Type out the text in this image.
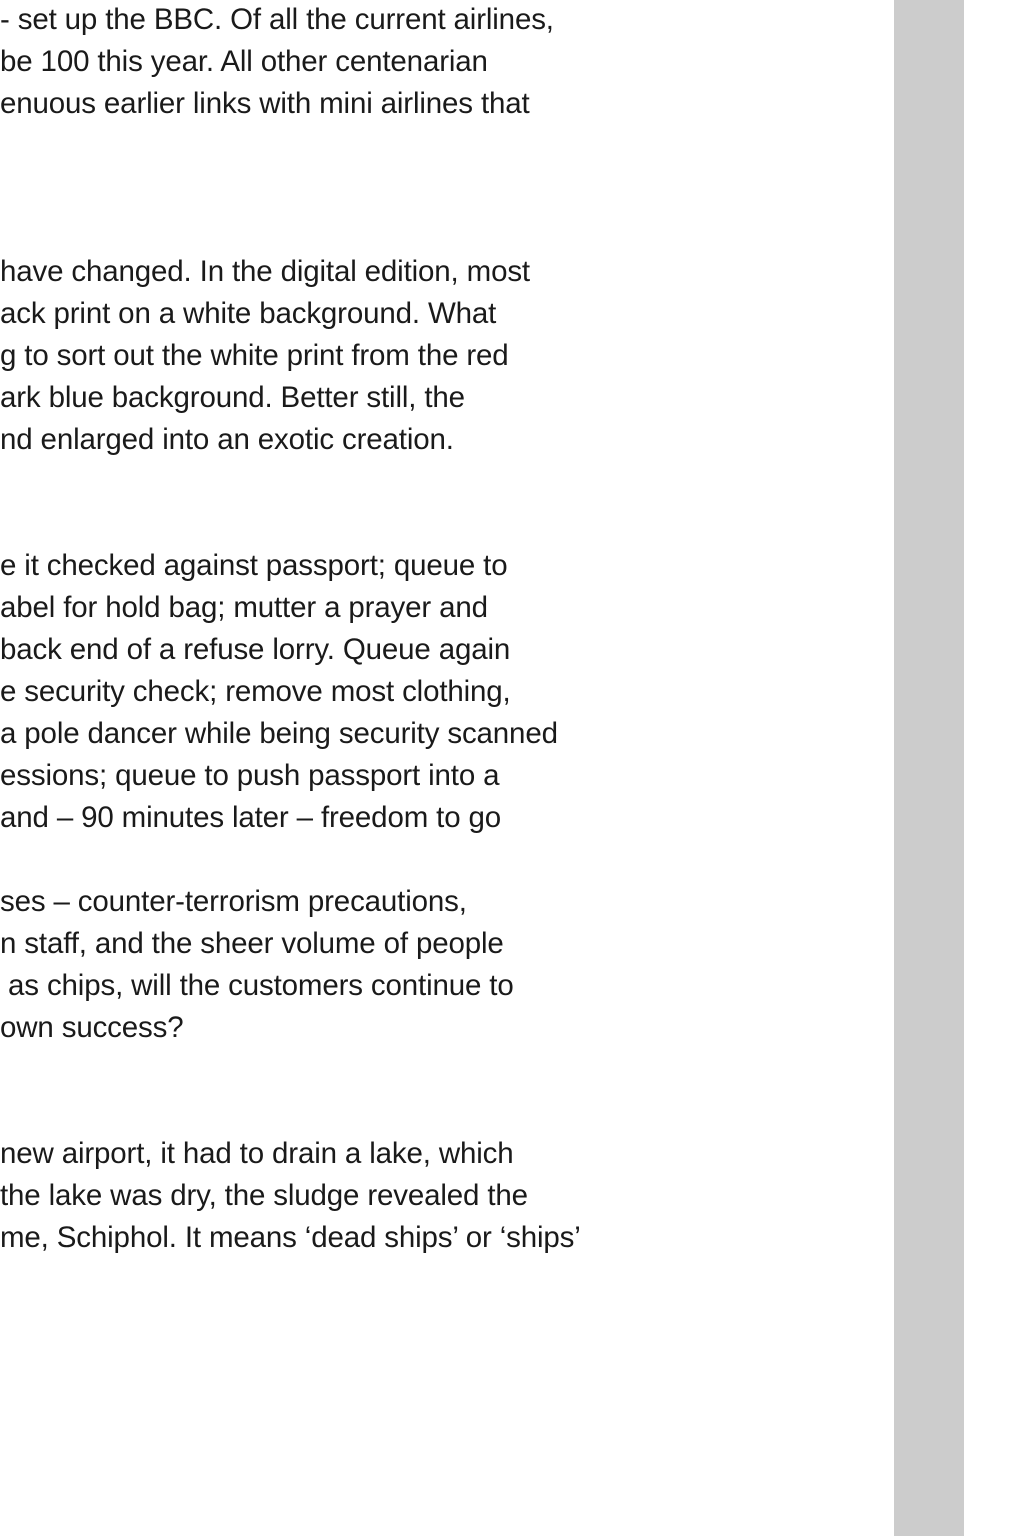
- set up the BBC. Of all the current airlines,
be 100 this year. All other centenarian
enuous earlier links with mini airlines that
have changed. In the digital edition, most
ack print on a white background. What
g to sort out the white print from the red
ark blue background. Better still, the
nd enlarged into an exotic creation.
e it checked against passport; queue to
abel for hold bag; mutter a prayer and
back end of a refuse lorry. Queue again
e security check; remove most clothing,
a pole dancer while being security scanned
essions; queue to push passport into a
and – 90 minutes later – freedom to go
ses – counter-terrorism precautions,
n staff, and the sheer volume of people
as chips, will the customers continue to
own success?
new airport, it had to drain a lake, which
the lake was dry, the sludge revealed the
me, Schiphol. It means ‘dead ships’ or ‘ships’
